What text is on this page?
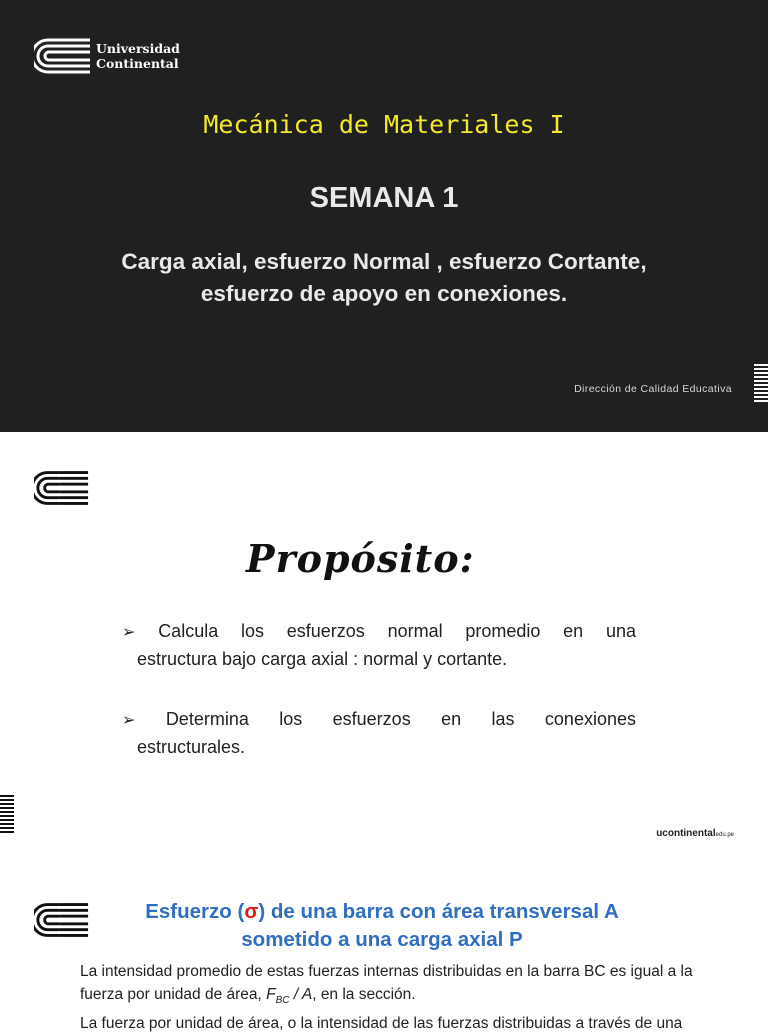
Universidad
Continental
Mecánica de Materiales I
SEMANA 1
Carga axial, esfuerzo Normal , esfuerzo Cortante,
esfuerzo de apoyo en conexiones.
Dirección de Calidad Educativa
Propósito:
➢ Calcula los esfuerzos normal promedio en una
estructura bajo carga axial : normal y cortante.
➢ Determina los esfuerzos en las conexiones
estructurales.
ucontinentaledu.pe
Esfuerzo (σ) de una barra con área transversal A
sometido a una carga axial P
La intensidad promedio de estas fuerzas internas distribuidas en la barra BC es igual a la
fuerza por unidad de área, $F_{BC}$ / A, en la sección.
La fuerza por unidad de área, o la intensidad de las fuerzas distribuidas a través de una
